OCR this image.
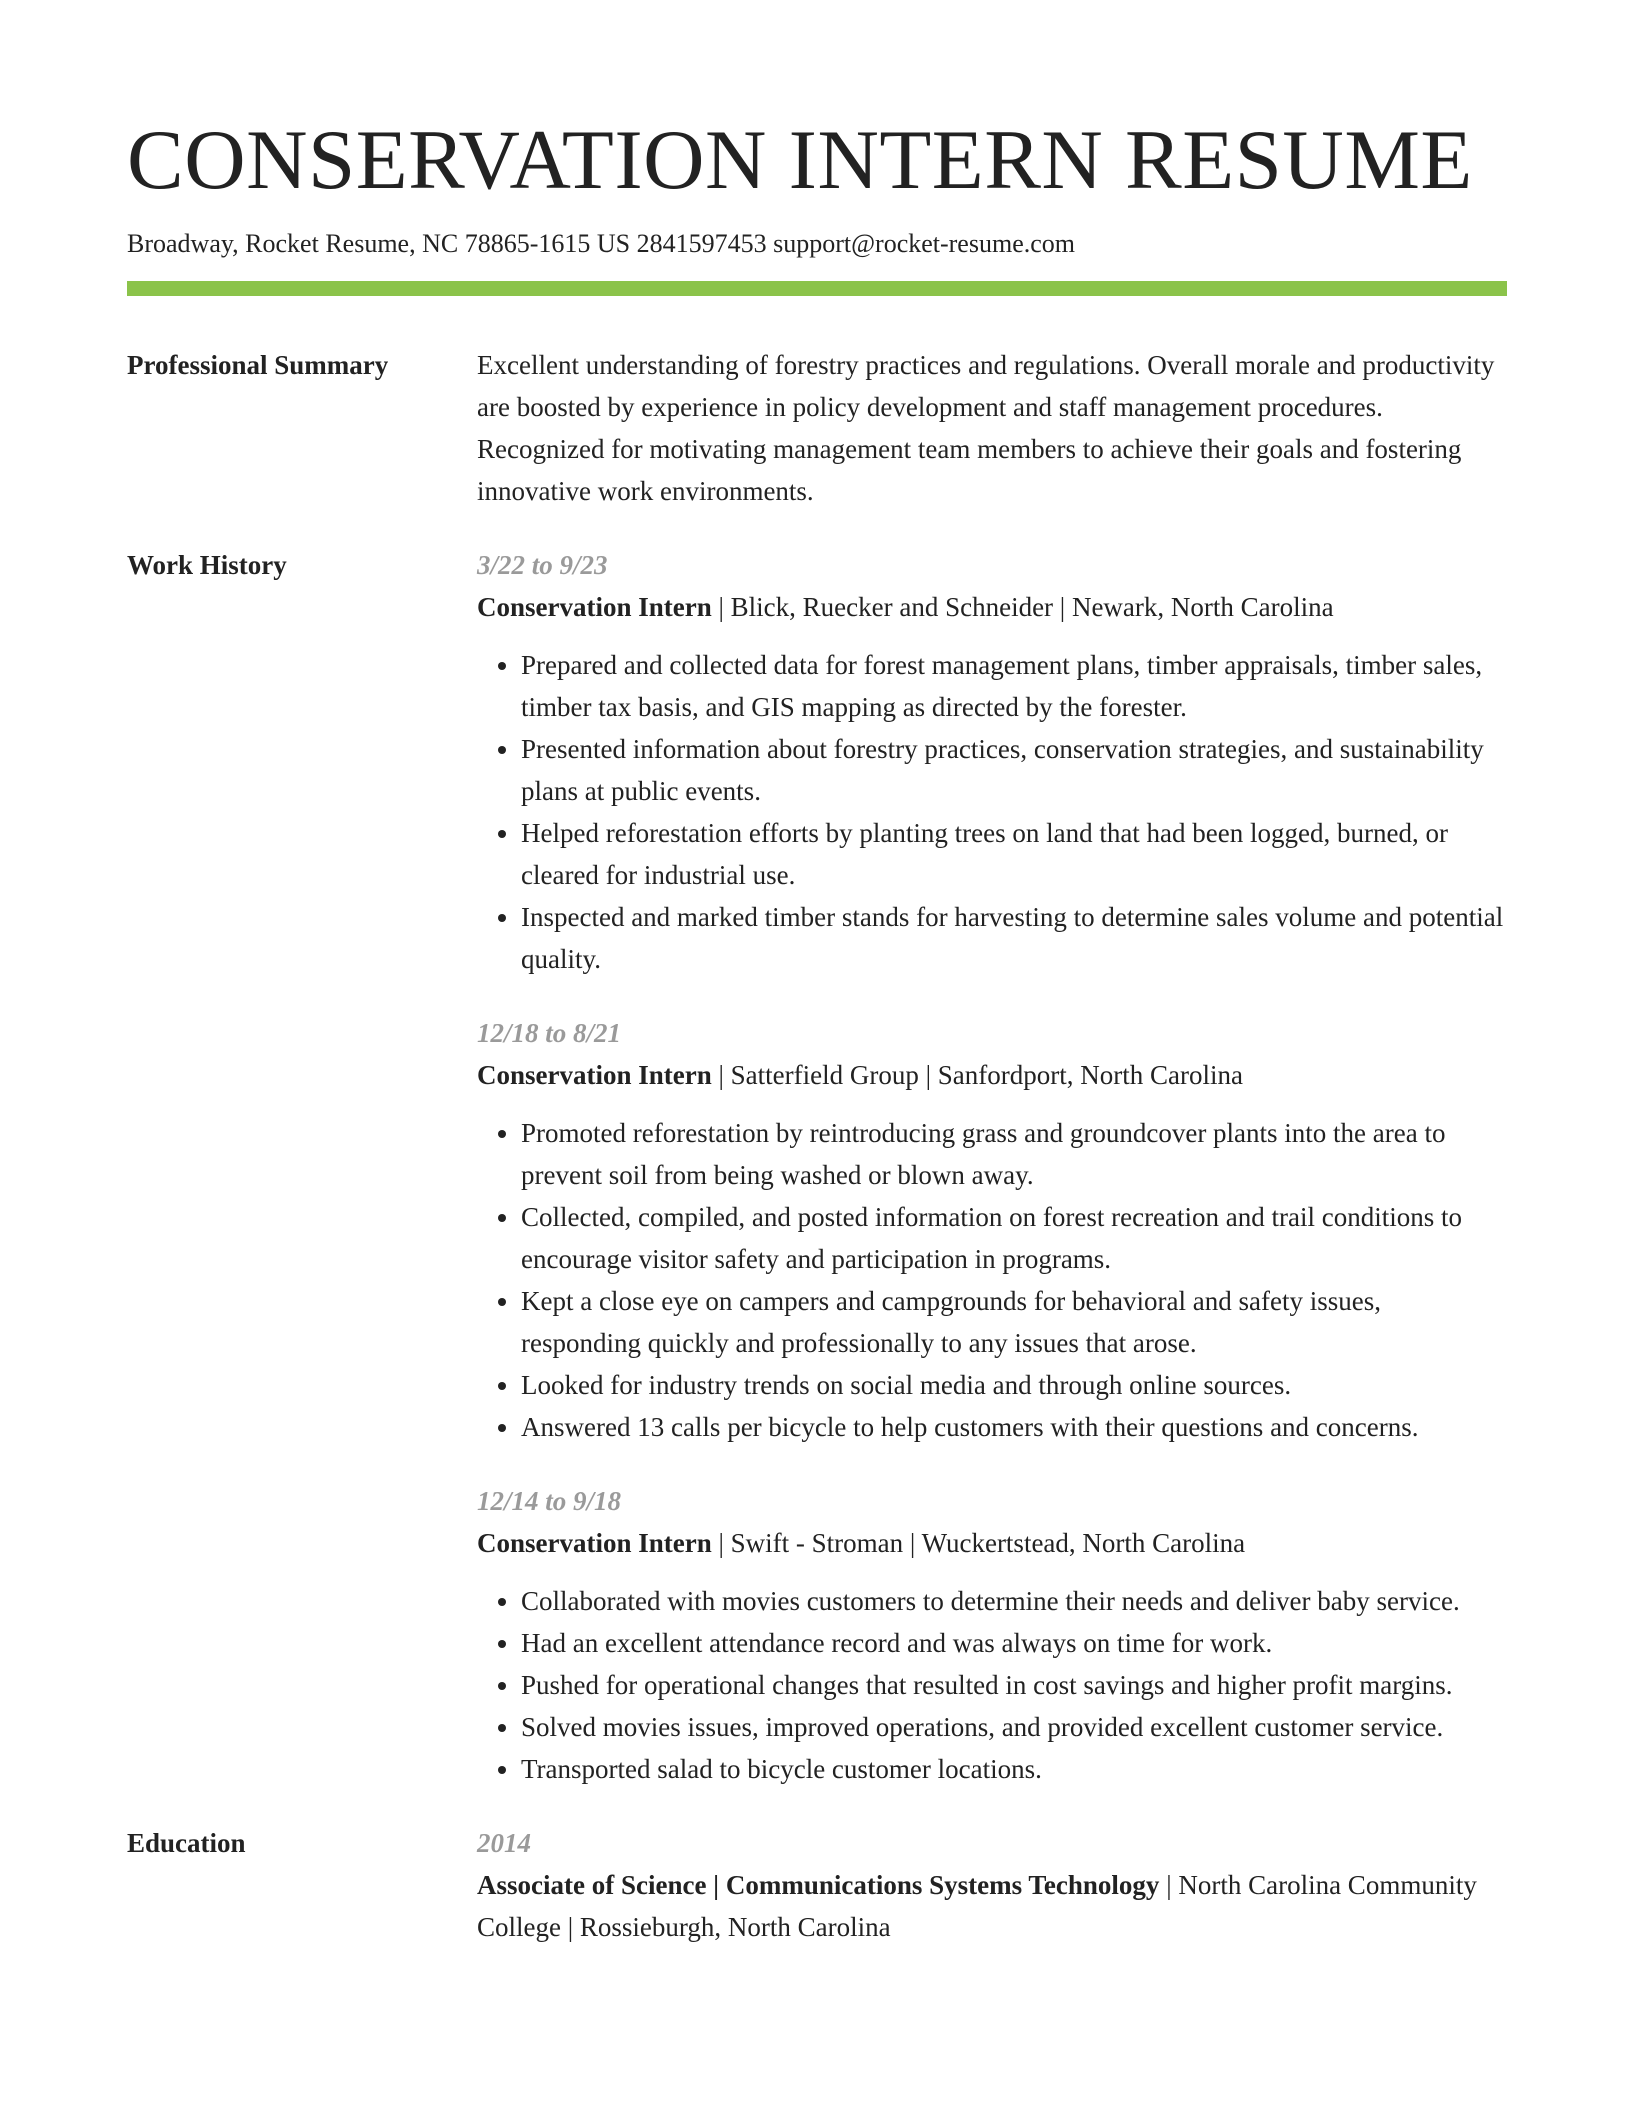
CONSERVATION INTERN RESUME
Broadway, Rocket Resume, NC 78865-1615 US 2841597453 support@rocket-resume.com
Professional Summary	Excellent understanding of forestry practices and regulations. Overall morale and productivity are boosted by experience in policy development and staff management procedures. Recognized for motivating management team members to achieve their goals and fostering innovative work environments.
Work History	3/22 to 9/23
Conservation Intern | Blick, Ruecker and Schneider | Newark, North Carolina
• Prepared and collected data for forest management plans, timber appraisals, timber sales, timber tax basis, and GIS mapping as directed by the forester.
• Presented information about forestry practices, conservation strategies, and sustainability plans at public events.
• Helped reforestation efforts by planting trees on land that had been logged, burned, or cleared for industrial use.
• Inspected and marked timber stands for harvesting to determine sales volume and potential quality.
12/18 to 8/21
Conservation Intern | Satterfield Group | Sanfordport, North Carolina
• Promoted reforestation by reintroducing grass and groundcover plants into the area to prevent soil from being washed or blown away.
• Collected, compiled, and posted information on forest recreation and trail conditions to encourage visitor safety and participation in programs.
• Kept a close eye on campers and campgrounds for behavioral and safety issues, responding quickly and professionally to any issues that arose.
• Looked for industry trends on social media and through online sources.
• Answered 13 calls per bicycle to help customers with their questions and concerns.
12/14 to 9/18
Conservation Intern | Swift - Stroman | Wuckertstead, North Carolina
• Collaborated with movies customers to determine their needs and deliver baby service.
• Had an excellent attendance record and was always on time for work.
• Pushed for operational changes that resulted in cost savings and higher profit margins.
• Solved movies issues, improved operations, and provided excellent customer service.
• Transported salad to bicycle customer locations.
Education	2014
Associate of Science | Communications Systems Technology | North Carolina Community College | Rossieburgh, North Carolina
